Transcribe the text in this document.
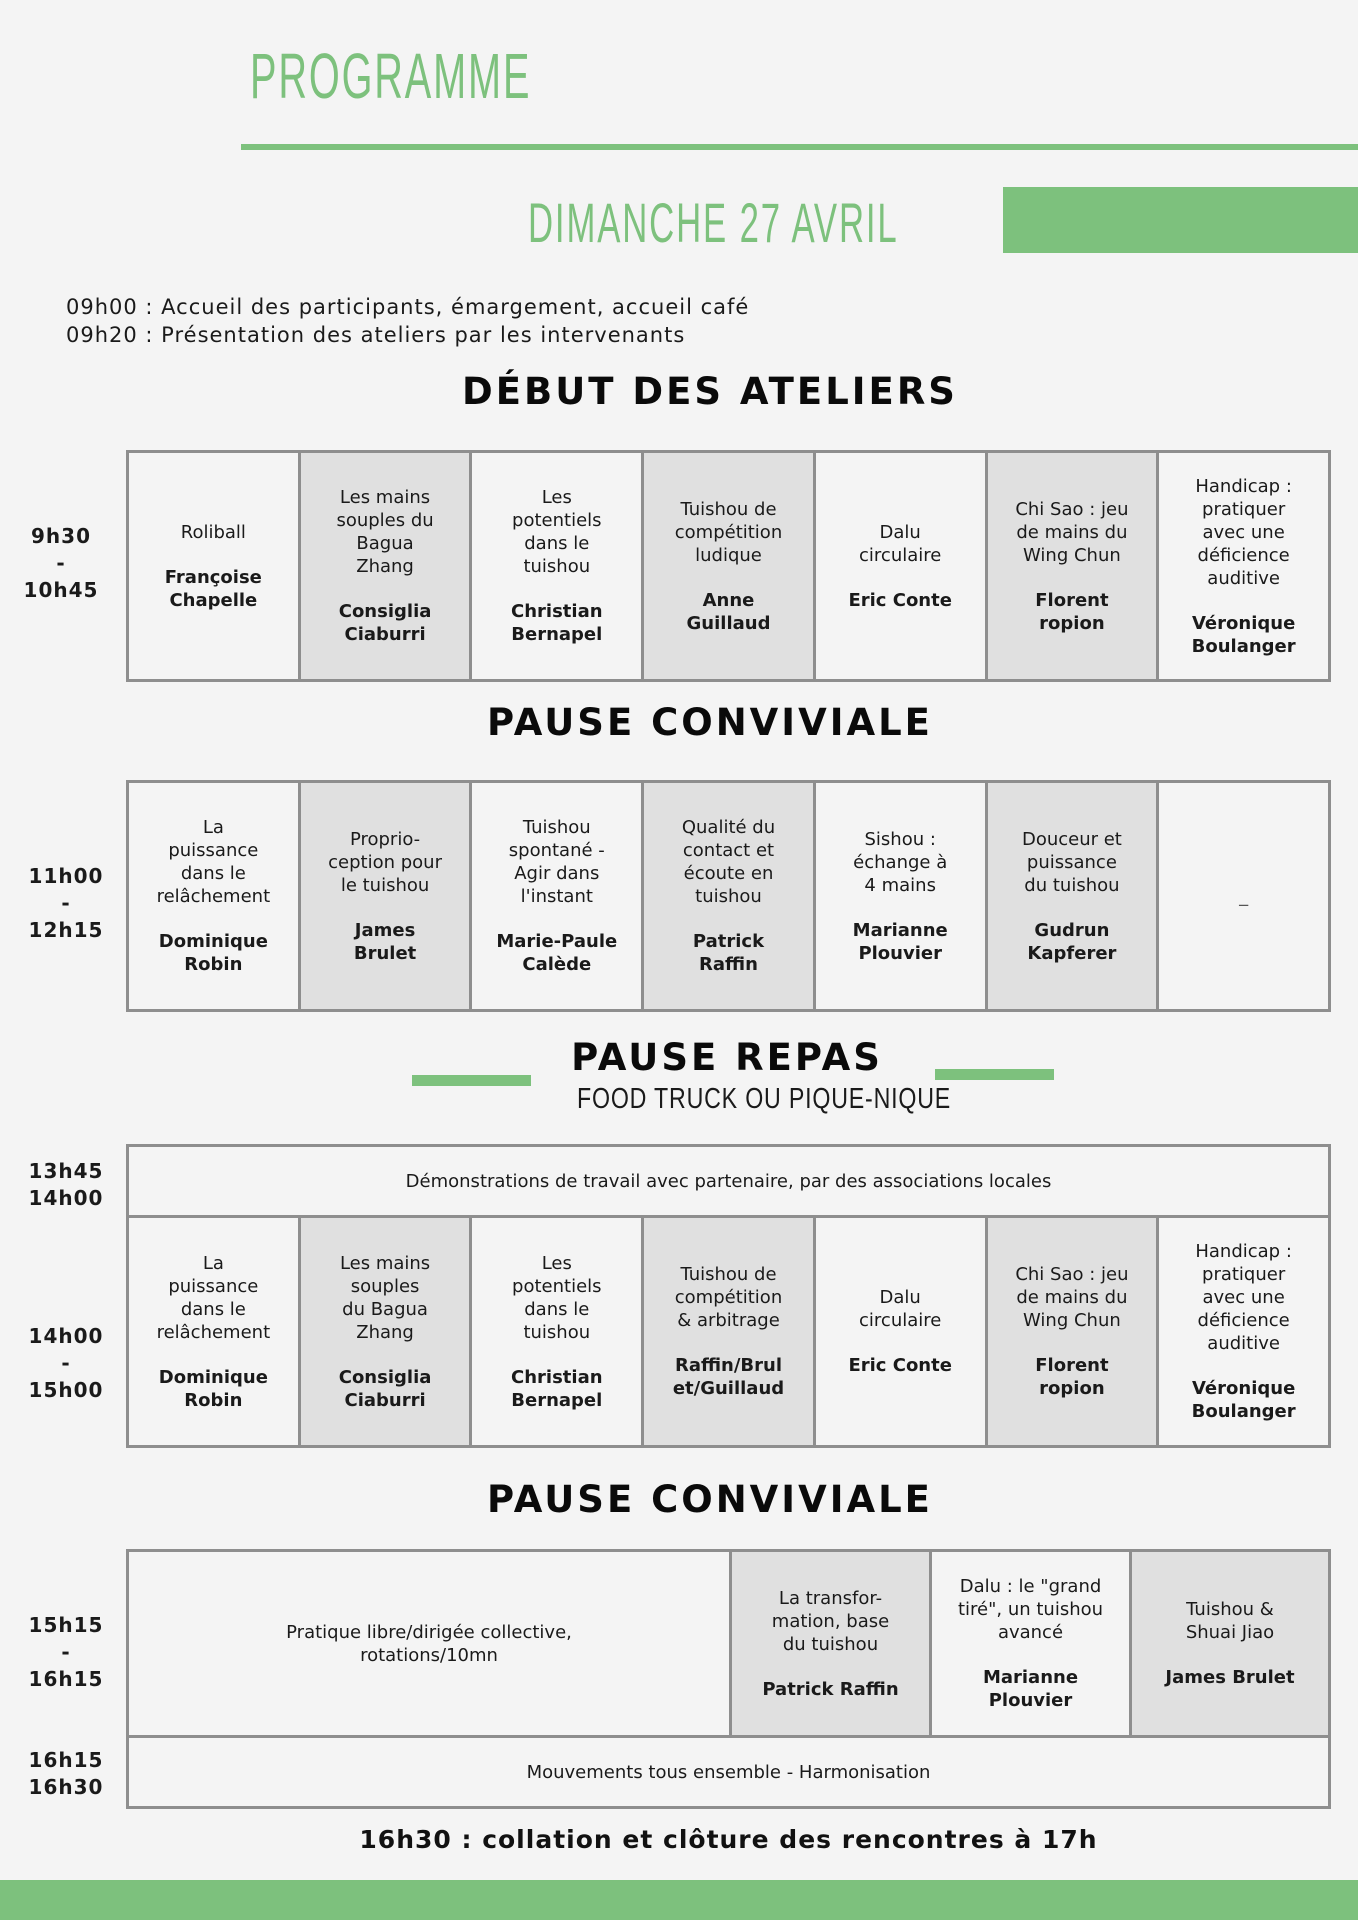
PROGRAMME
DIMANCHE 27 AVRIL
09h00 : Accueil des participants, émargement, accueil café
09h20 : Présentation des ateliers par les intervenants
DÉBUT DES ATELIERS
9h30
-
10h45
Roliball
Françoise
Chapelle
Les mains
souples du
Bagua
Zhang
Consiglia
Ciaburri
Les
potentiels
dans le
tuishou
Christian
Bernapel
Tuishou de
compétition
ludique
Anne
Guillaud
Dalu
circulaire
Eric Conte
Chi Sao : jeu
de mains du
Wing Chun
Florent
ropion
Handicap :
pratiquer
avec une
déficience
auditive
Véronique
Boulanger
PAUSE CONVIVIALE
11h00
-
12h15
La
puissance
dans le
relâchement
Dominique
Robin
Proprio-
ception pour
le tuishou
James
Brulet
Tuishou
spontané -
Agir dans
l'instant
Marie-Paule
Calède
Qualité du
contact et
écoute en
tuishou
Patrick
Raffin
Sishou :
échange à
4 mains
Marianne
Plouvier
Douceur et
puissance
du tuishou
Gudrun
Kapferer
_
PAUSE REPAS
FOOD TRUCK OU PIQUE-NIQUE
13h45
14h00
Démonstrations de travail avec partenaire, par des associations locales
14h00
-
15h00
La
puissance
dans le
relâchement
Dominique
Robin
Les mains
souples
du Bagua
Zhang
Consiglia
Ciaburri
Les
potentiels
dans le
tuishou
Christian
Bernapel
Tuishou de
compétition
& arbitrage
Raffin/Brul
et/Guillaud
Dalu
circulaire
Eric Conte
Chi Sao : jeu
de mains du
Wing Chun
Florent
ropion
Handicap :
pratiquer
avec une
déficience
auditive
Véronique
Boulanger
PAUSE CONVIVIALE
15h15
-
16h15
Pratique libre/dirigée collective,
rotations/10mn
La transfor-
mation, base
du tuishou
Patrick Raffin
Dalu : le "grand
tiré", un tuishou
avancé
Marianne
Plouvier
Tuishou &
Shuai Jiao
James Brulet
16h15
16h30
Mouvements tous ensemble - Harmonisation
16h30 : collation et clôture des rencontres à 17h
